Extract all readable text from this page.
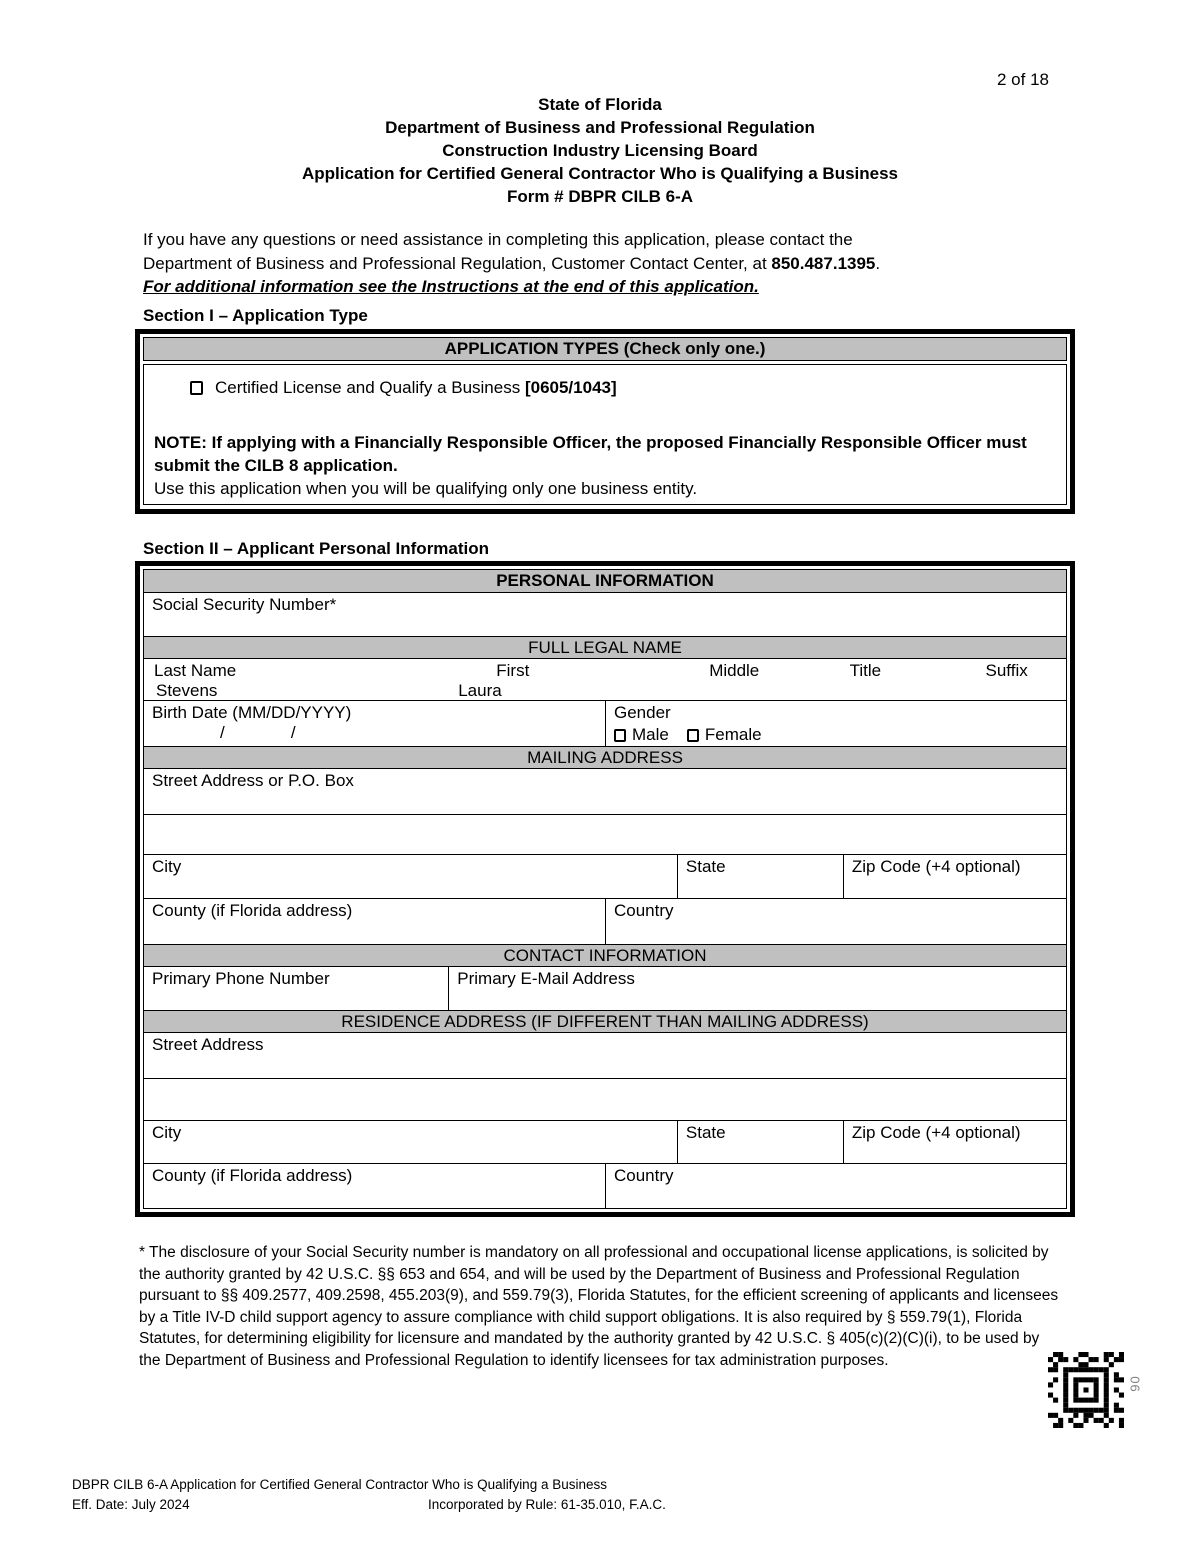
2 of 18
State of Florida
Department of Business and Professional Regulation
Construction Industry Licensing Board
Application for Certified General Contractor Who is Qualifying a Business
Form # DBPR CILB 6-A
If you have any questions or need assistance in completing this application, please contact the
Department of Business and Professional Regulation, Customer Contact Center, at 850.487.1395.
For additional information see the Instructions at the end of this application.
Section I – Application Type
APPLICATION TYPES (Check only one.)
Certified License and Qualify a Business [0605/1043]
NOTE: If applying with a Financially Responsible Officer, the proposed Financially Responsible Officer must submit the CILB 8 application.
Use this application when you will be qualifying only one business entity.
Section II – Applicant Personal Information
PERSONAL INFORMATION
Social Security Number*
FULL LEGAL NAME
Last Name	First	Middle	Title	Suffix
Stevens	Laura
Birth Date (MM/DD/YYYY)
/              /
Gender
Male Female
MAILING ADDRESS
Street Address or P.O. Box
City	State	Zip Code (+4 optional)
County (if Florida address)	Country
CONTACT INFORMATION
Primary Phone Number	Primary E-Mail Address
RESIDENCE ADDRESS (IF DIFFERENT THAN MAILING ADDRESS)
Street Address
City	State	Zip Code (+4 optional)
County (if Florida address)	Country
* The disclosure of your Social Security number is mandatory on all professional and occupational license applications, is solicited by the authority granted by 42 U.S.C. §§ 653 and 654, and will be used by the Department of Business and Professional Regulation pursuant to §§ 409.2577, 409.2598, 455.203(9), and 559.79(3), Florida Statutes, for the efficient screening of applicants and licensees by a Title IV-D child support agency to assure compliance with child support obligations. It is also required by § 559.79(1), Florida Statutes, for determining eligibility for licensure and mandated by the authority granted by 42 U.S.C. § 405(c)(2)(C)(i), to be used by the Department of Business and Professional Regulation to identify licensees for tax administration purposes.
06
DBPR CILB 6-A Application for Certified General Contractor Who is Qualifying a Business
Eff. Date: July 2024	Incorporated by Rule: 61-35.010, F.A.C.
